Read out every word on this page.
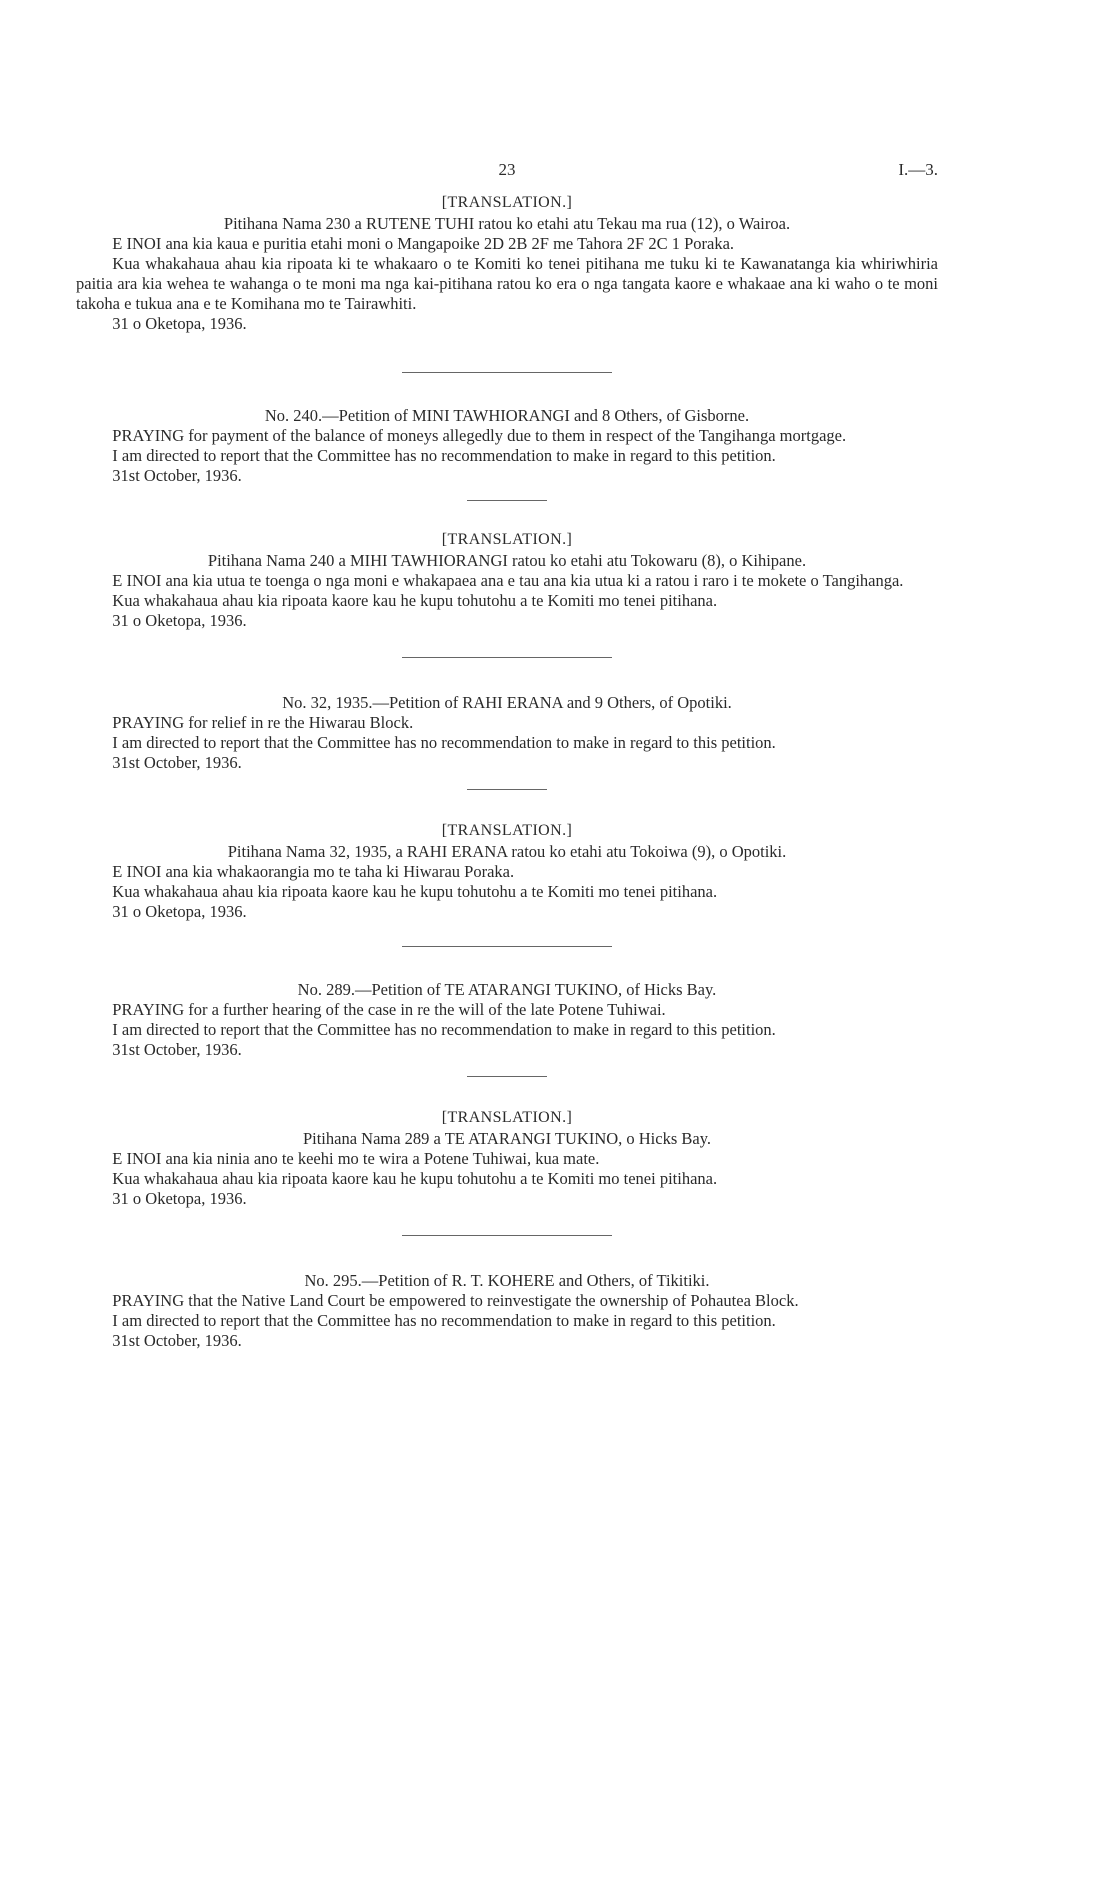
23	I.—3.
[TRANSLATION.]
Pitihana Nama 230 a RUTENE TUHI ratou ko etahi atu Tekau ma rua (12), o Wairoa.

E INOI ana kia kaua e puritia etahi moni o Mangapoike 2D 2B 2F me Tahora 2F 2C 1 Poraka.

Kua whakahaua ahau kia ripoata ki te whakaaro o te Komiti ko tenei pitihana me tuku ki te Kawanatanga kia whiriwhiria paitia ara kia wehea te wahanga o te moni ma nga kai-pitihana ratou ko era o nga tangata kaore e whakaae ana ki waho o te moni takoha e tukua ana e te Komihana mo te Tairawhiti.

31 o Oketopa, 1936.

No. 240.—Petition of MINI TAWHIORANGI and 8 Others, of Gisborne.

PRAYING for payment of the balance of moneys allegedly due to them in respect of the Tangihanga mortgage.

I am directed to report that the Committee has no recommendation to make in regard to this petition.

31st October, 1936.

[TRANSLATION.]
Pitihana Nama 240 a MIHI TAWHIORANGI ratou ko etahi atu Tokowaru (8), o Kihipane.

E INOI ana kia utua te toenga o nga moni e whakapaea ana e tau ana kia utua ki a ratou i raro i te mokete o Tangihanga.

Kua whakahaua ahau kia ripoata kaore kau he kupu tohutohu a te Komiti mo tenei pitihana.

31 o Oketopa, 1936.

No. 32, 1935.—Petition of RAHI ERANA and 9 Others, of Opotiki.

PRAYING for relief in re the Hiwarau Block.

I am directed to report that the Committee has no recommendation to make in regard to this petition.

31st October, 1936.

[TRANSLATION.]
Pitihana Nama 32, 1935, a RAHI ERANA ratou ko etahi atu Tokoiwa (9), o Opotiki.

E INOI ana kia whakaorangia mo te taha ki Hiwarau Poraka.

Kua whakahaua ahau kia ripoata kaore kau he kupu tohutohu a te Komiti mo tenei pitihana.

31 o Oketopa, 1936.

No. 289.—Petition of TE ATARANGI TUKINO, of Hicks Bay.

PRAYING for a further hearing of the case in re the will of the late Potene Tuhiwai.

I am directed to report that the Committee has no recommendation to make in regard to this petition.

31st October, 1936.

[TRANSLATION.]
Pitihana Nama 289 a TE ATARANGI TUKINO, o Hicks Bay.

E INOI ana kia ninia ano te keehi mo te wira a Potene Tuhiwai, kua mate.

Kua whakahaua ahau kia ripoata kaore kau he kupu tohutohu a te Komiti mo tenei pitihana.

31 o Oketopa, 1936.

No. 295.—Petition of R. T. KOHERE and Others, of Tikitiki.

PRAYING that the Native Land Court be empowered to reinvestigate the ownership of Pohautea Block.

I am directed to report that the Committee has no recommendation to make in regard to this petition.

31st October, 1936.
